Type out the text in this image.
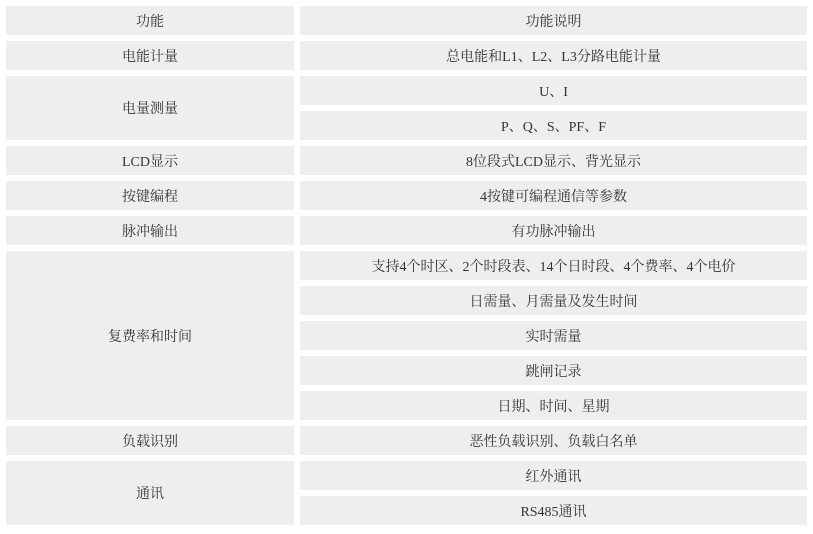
功能	功能说明
电能计量	总电能和L1、L2、L3分路电能计量
电量测量	U、I
	P、Q、S、PF、F
LCD显示	8位段式LCD显示、背光显示
按键编程	4按键可编程通信等参数
脉冲输出	有功脉冲输出
复费率和时间	支持4个时区、2个时段表、14个日时段、4个费率、4个电价
	日需量、月需量及发生时间
	实时需量
	跳闸记录
	日期、时间、星期
负载识别	恶性负载识别、负载白名单
通讯	红外通讯
	RS485通讯
